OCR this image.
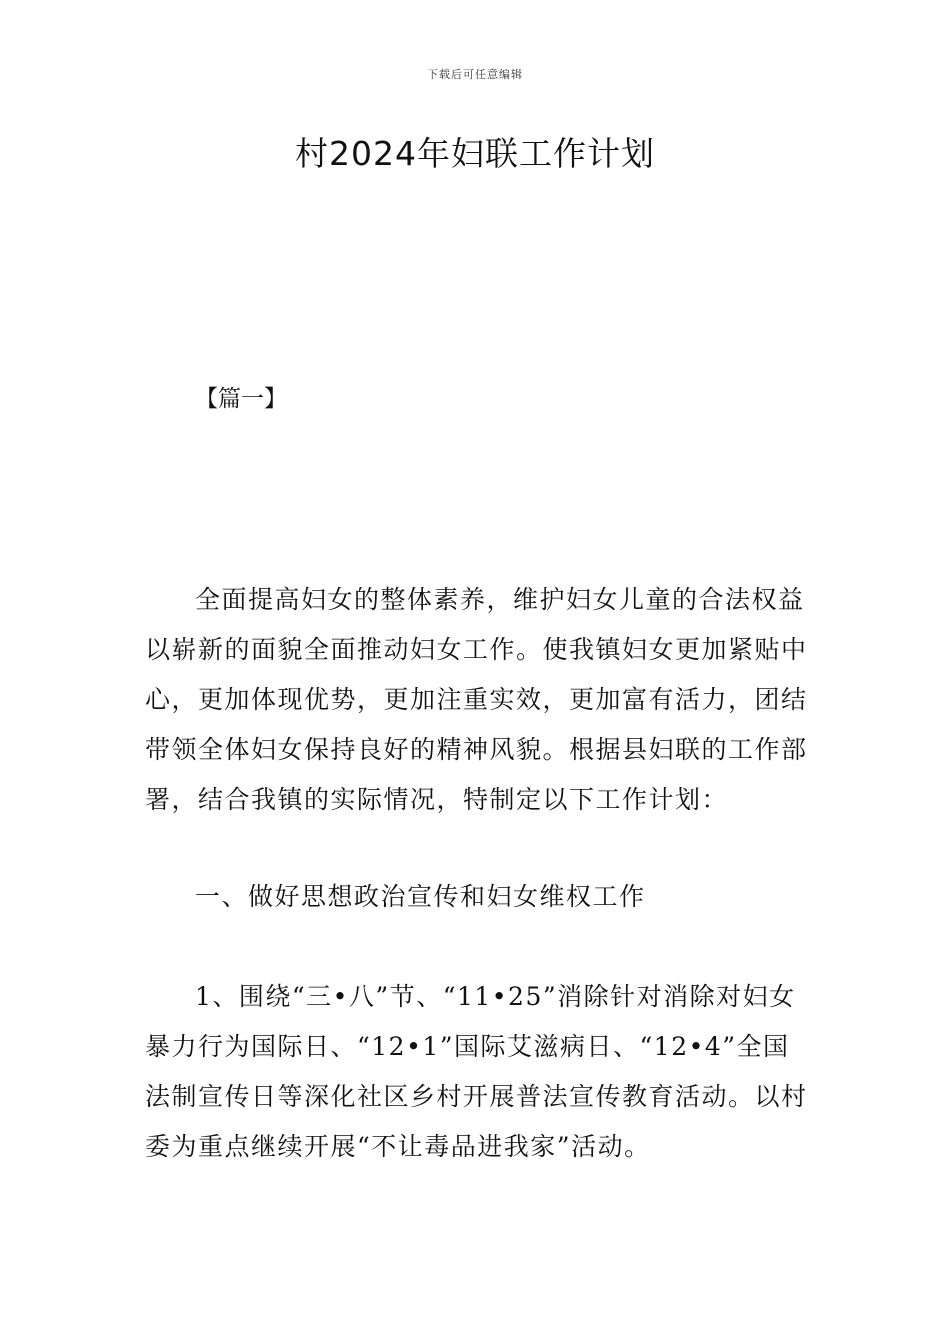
下载后可任意编辑

村2024年妇联工作计划

【篇一】

全面提高妇女的整体素养，维护妇女儿童的合法权益
以崭新的面貌全面推动妇女工作。使我镇妇女更加紧贴中
心，更加体现优势，更加注重实效，更加富有活力，团结
带领全体妇女保持良好的精神风貌。根据县妇联的工作部
署，结合我镇的实际情况，特制定以下工作计划：
一、做好思想政治宣传和妇女维权工作
1、围绕“三•八”节、“11•25”消除针对消除对妇女
暴力行为国际日、“12•1”国际艾滋病日、“12•4”全国
法制宣传日等深化社区乡村开展普法宣传教育活动。以村
委为重点继续开展“不让毒品进我家”活动。
